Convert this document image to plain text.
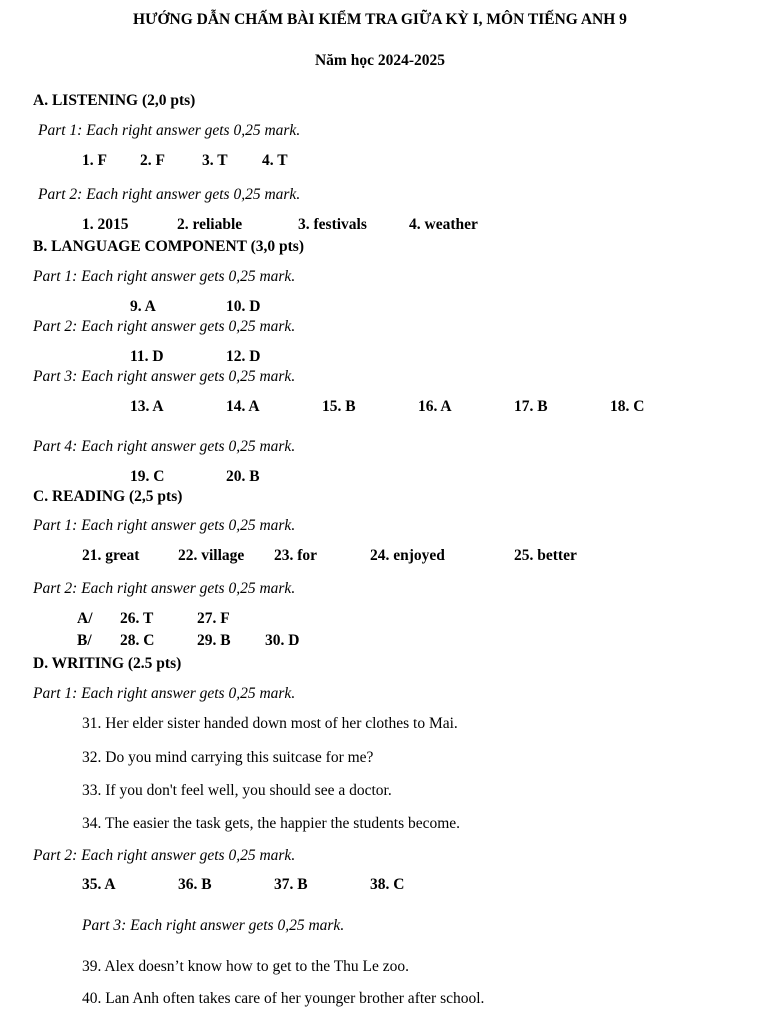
HƯỚNG DẪN CHẤM BÀI KIỂM TRA GIỮA KỲ I, MÔN TIẾNG ANH 9
Năm học 2024-2025
A. LISTENING (2,0 pts)
Part 1: Each right answer gets 0,25 mark.
1. F 2. F 3. T 4. T
Part 2: Each right answer gets 0,25 mark.
1. 2015	2. reliable	3. festivals	4. weather
B. LANGUAGE COMPONENT (3,0 pts)
Part 1: Each right answer gets 0,25 mark.
9. A	10. D
Part 2: Each right answer gets 0,25 mark.
11. D	12. D
Part 3: Each right answer gets 0,25 mark.
13. A	14. A	15. B	16. A	17. B	18. C
Part 4: Each right answer gets 0,25 mark.
19. C	20. B
C. READING (2,5 pts)
Part 1: Each right answer gets 0,25 mark.
21. great 22. village 23. for	24. enjoyed	25. better
Part 2: Each right answer gets 0,25 mark.
A/ 26. T	27. F
B/ 28. C	29. B 30. D
D. WRITING (2.5 pts)
Part 1: Each right answer gets 0,25 mark.
31. Her elder sister handed down most of her clothes to Mai.
32. Do you mind carrying this suitcase for me?
33. If you don't feel well, you should see a doctor.
34. The easier the task gets, the happier the students become.
Part 2: Each right answer gets 0,25 mark.
35. A	36. B	37. B	38. C
Part 3: Each right answer gets 0,25 mark.
39. Alex doesn’t know how to get to the Thu Le zoo.
40. Lan Anh often takes care of her younger brother after school.
